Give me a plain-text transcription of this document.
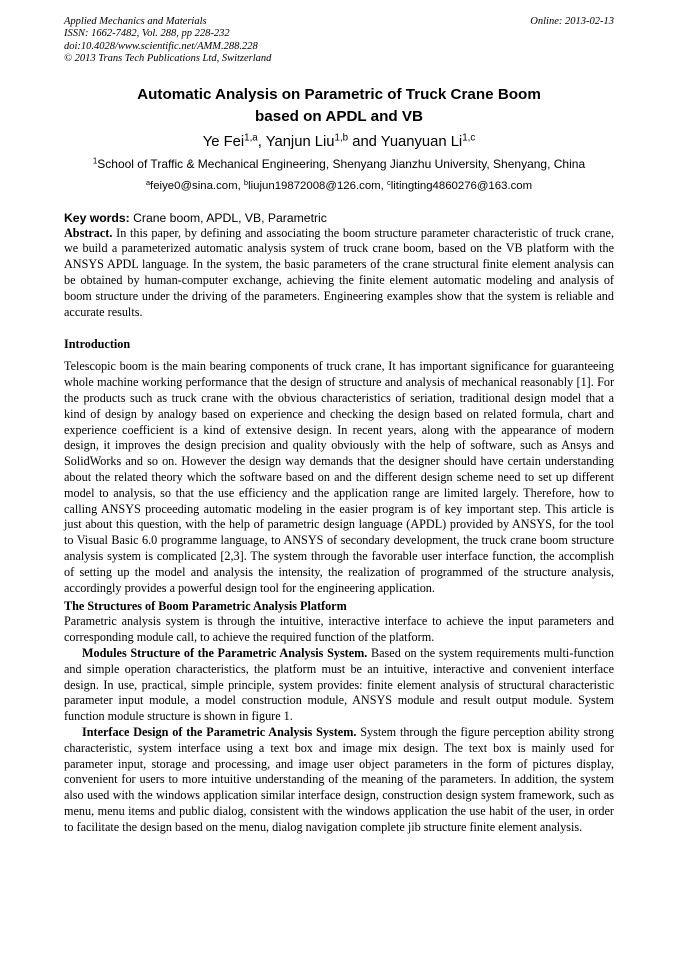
Applied Mechanics and Materials	Online: 2013-02-13
ISSN: 1662-7482, Vol. 288, pp 228-232
doi:10.4028/www.scientific.net/AMM.288.228
© 2013 Trans Tech Publications Ltd, Switzerland
Automatic Analysis on Parametric of Truck Crane Boom
based on APDL and VB
Ye Fei$^{1,a}$, Yanjun Liu$^{1,b}$ and Yuanyuan Li$^{1,c}$
$^1$School of Traffic & Mechanical Engineering, Shenyang Jianzhu University, Shenyang, China
$^a$feiye0@sina.com, $^b$liujun19872008@126.com, $^c$litingting4860276@163.com
Key words: Crane boom, APDL, VB, Parametric

Abstract. In this paper, by defining and associating the boom structure parameter characteristic of truck crane, we build a parameterized automatic analysis system of truck crane boom, based on the VB platform with the ANSYS APDL language. In the system, the basic parameters of the crane structural finite element analysis can be obtained by human-computer exchange, achieving the finite element automatic modeling and analysis of boom structure under the driving of the parameters. Engineering examples show that the system is reliable and accurate results.

Introduction

Telescopic boom is the main bearing components of truck crane, It has important significance for guaranteeing whole machine working performance that the design of structure and analysis of mechanical reasonably [1]. For the products such as truck crane with the obvious characteristics of seriation, traditional design model that a kind of design by analogy based on experience and checking the design based on related formula, chart and experience coefficient is a kind of extensive design. In recent years, along with the appearance of modern design, it improves the design precision and quality obviously with the help of software, such as Ansys and SolidWorks and so on. However the design way demands that the designer should have certain understanding about the related theory which the software based on and the different design scheme need to set up different model to analysis, so that the use efficiency and the application range are limited largely. Therefore, how to calling ANSYS proceeding automatic modeling in the easier program is of key important step. This article is just about this question, with the help of parametric design language (APDL) provided by ANSYS, for the tool to Visual Basic 6.0 programme language, to ANSYS of secondary development, the truck crane boom structure analysis system is complicated [2,3]. The system through the favorable user interface function, the accomplish of setting up the model and analysis the intensity, the realization of programmed of the structure analysis, accordingly provides a powerful design tool for the engineering application.

The Structures of Boom Parametric Analysis Platform

Parametric analysis system is through the intuitive, interactive interface to achieve the input parameters and corresponding module call, to achieve the required function of the platform.

Modules Structure of the Parametric Analysis System. Based on the system requirements multi-function and simple operation characteristics, the platform must be an intuitive, interactive and convenient interface design. In use, practical, simple principle, system provides: finite element analysis of structural characteristic parameter input module, a model construction module, ANSYS module and result output module. System function module structure is shown in figure 1.

Interface Design of the Parametric Analysis System. System through the figure perception ability strong characteristic, system interface using a text box and image mix design. The text box is mainly used for parameter input, storage and processing, and image user object parameters in the form of pictures display, convenient for users to more intuitive understanding of the meaning of the parameters. In addition, the system also used with the windows application similar interface design, construction design system framework, such as menu, menu items and public dialog, consistent with the windows application the use habit of the user, in order to facilitate the design based on the menu, dialog navigation complete jib structure finite element analysis.
